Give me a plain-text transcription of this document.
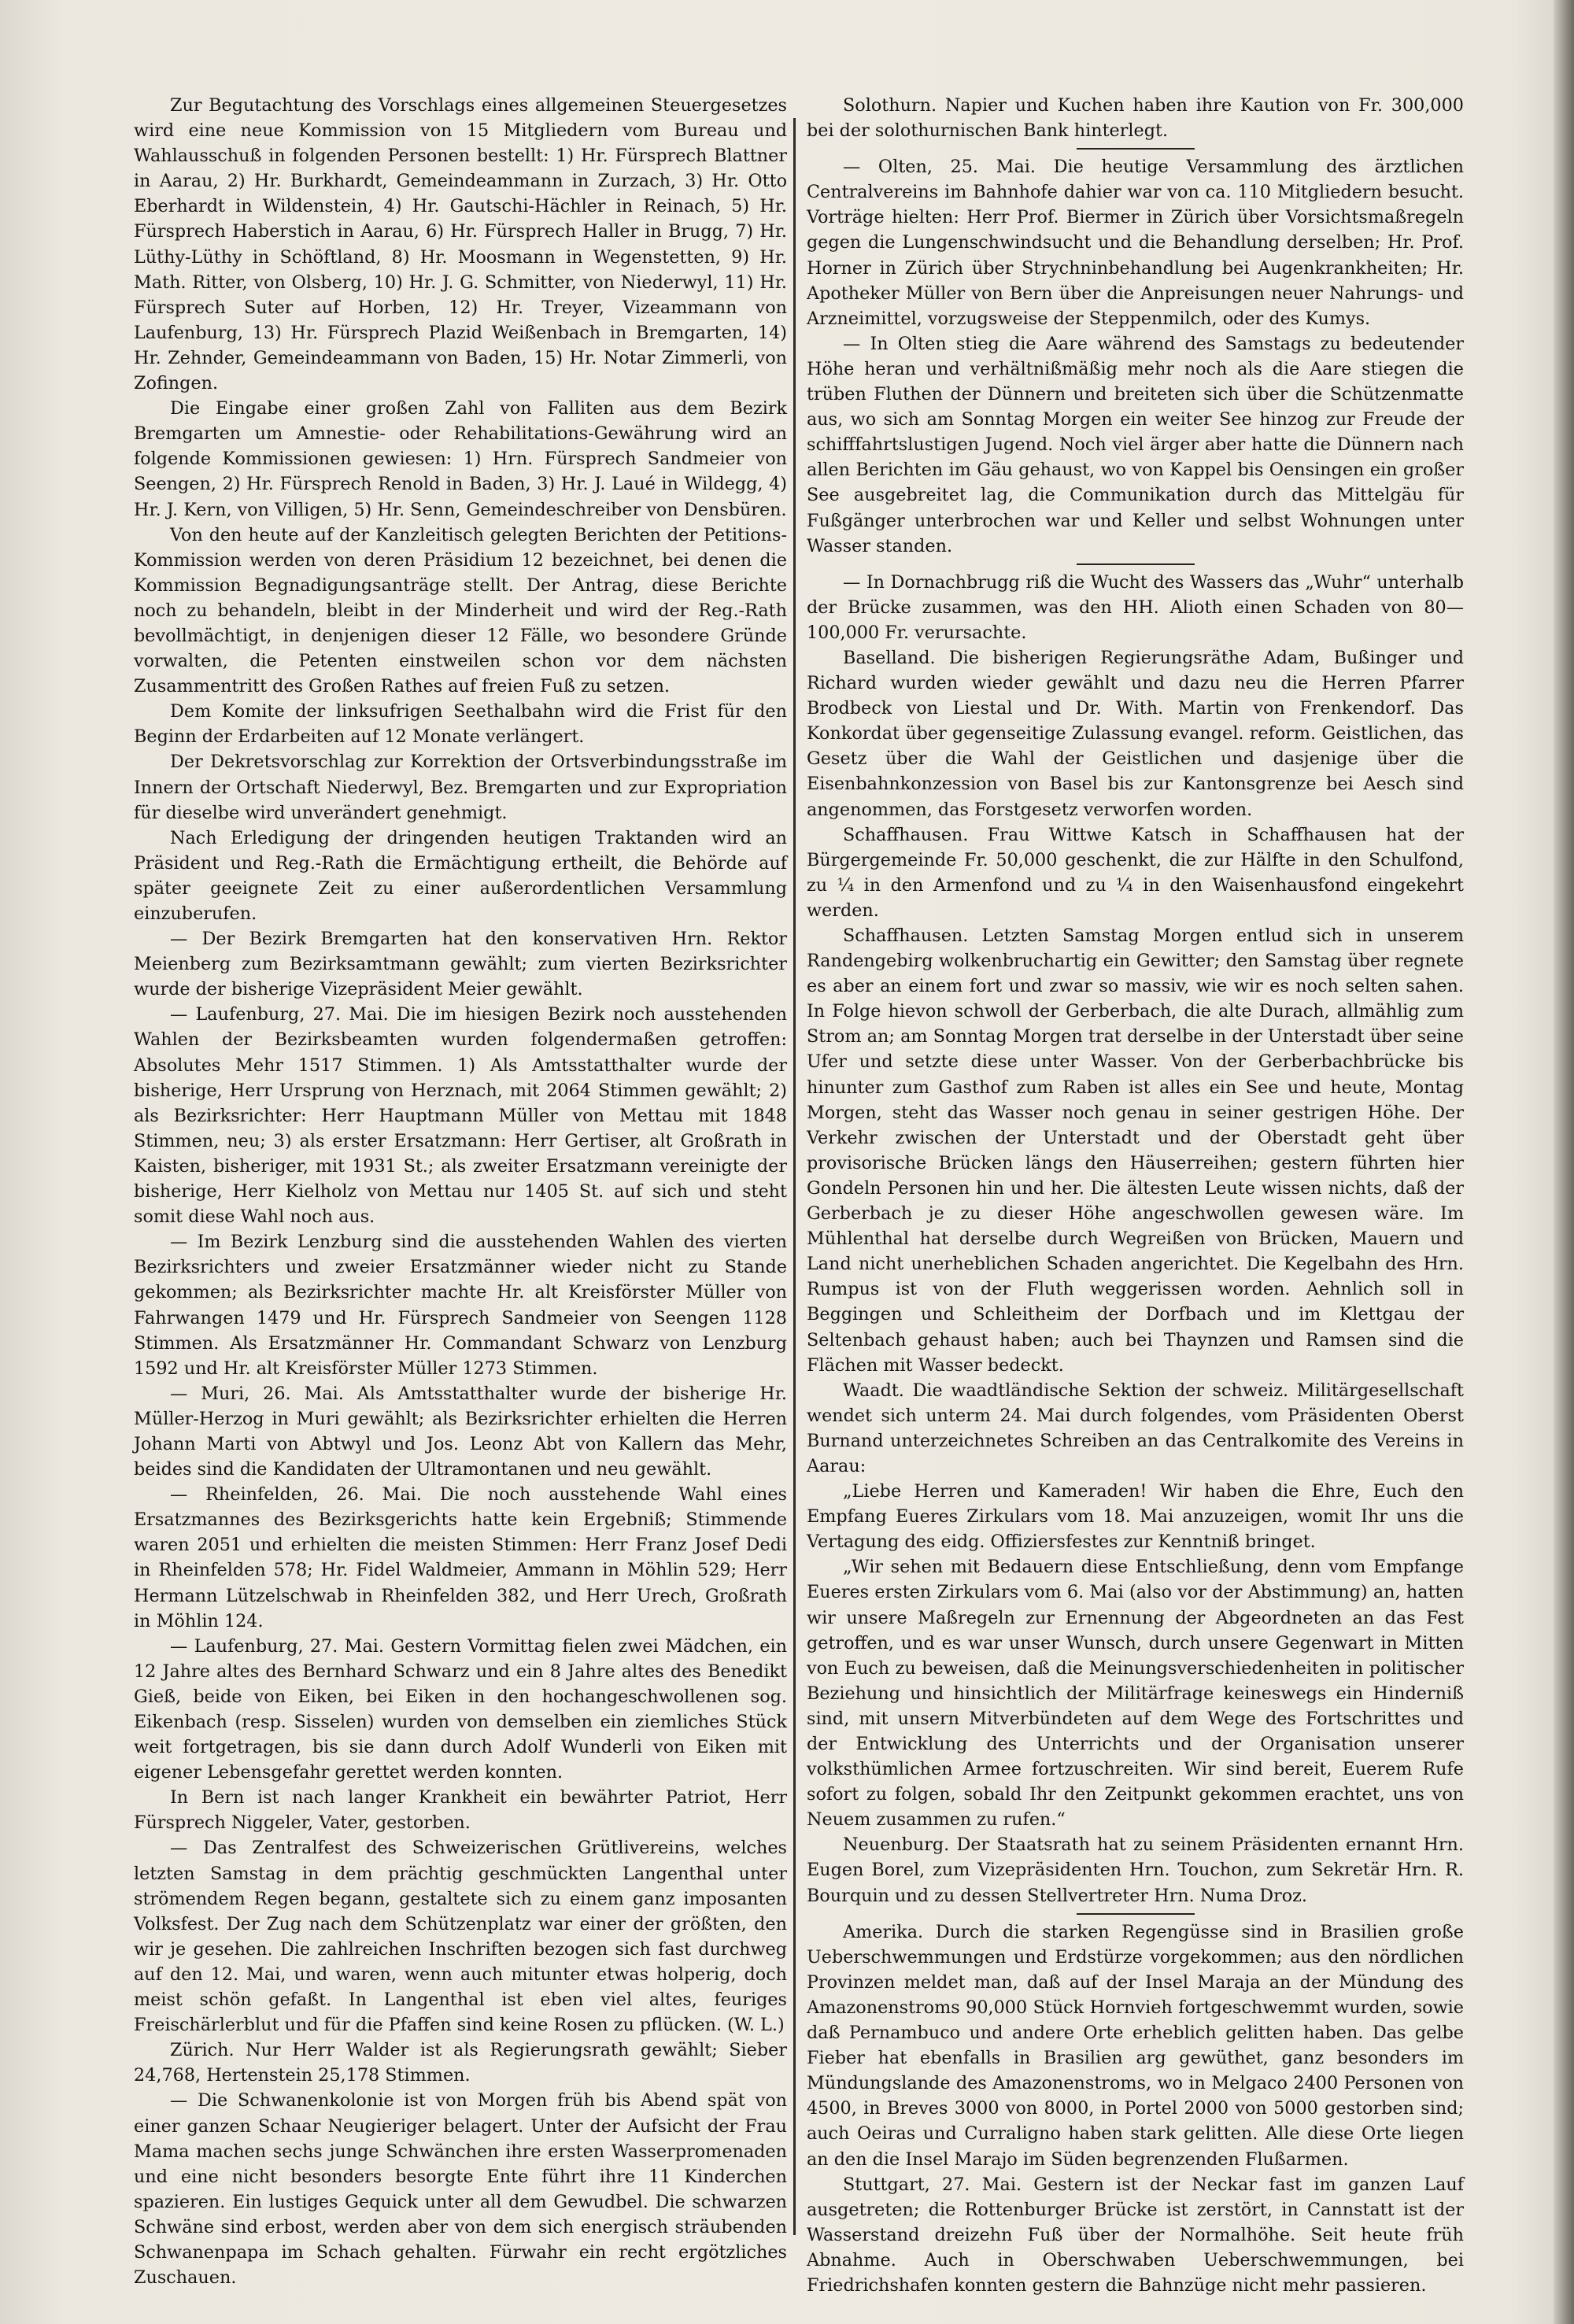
Zur Begutachtung des Vorschlags eines allgemeinen Steuergesetzes wird eine neue Kommission von 15 Mitgliedern vom Bureau und Wahlausschuß in folgenden Personen bestellt: 1) Hr. Fürsprech Blattner in Aarau, 2) Hr. Burkhardt, Gemeindeammann in Zurzach, 3) Hr. Otto Eberhardt in Wildenstein, 4) Hr. Gautschi-Hächler in Reinach, 5) Hr. Fürsprech Haberstich in Aarau, 6) Hr. Fürsprech Haller in Brugg, 7) Hr. Lüthy-Lüthy in Schöftland, 8) Hr. Moosmann in Wegenstetten, 9) Hr. Math. Ritter, von Olsberg, 10) Hr. J. G. Schmitter, von Niederwyl, 11) Hr. Fürsprech Suter auf Horben, 12) Hr. Treyer, Vizeammann von Laufenburg, 13) Hr. Fürsprech Plazid Weißenbach in Bremgarten, 14) Hr. Zehnder, Gemeindeammann von Baden, 15) Hr. Notar Zimmerli, von Zofingen.

Die Eingabe einer großen Zahl von Falliten aus dem Bezirk Bremgarten um Amnestie- oder Rehabilitations-Gewährung wird an folgende Kommissionen gewiesen: 1) Hrn. Fürsprech Sandmeier von Seengen, 2) Hr. Fürsprech Renold in Baden, 3) Hr. J. Laué in Wildegg, 4) Hr. J. Kern, von Villigen, 5) Hr. Senn, Gemeindeschreiber von Densbüren.

Von den heute auf der Kanzleitisch gelegten Berichten der Petitions-Kommission werden von deren Präsidium 12 bezeichnet, bei denen die Kommission Begnadigungsanträge stellt. Der Antrag, diese Berichte noch zu behandeln, bleibt in der Minderheit und wird der Reg.-Rath bevollmächtigt, in denjenigen dieser 12 Fälle, wo besondere Gründe vorwalten, die Petenten einstweilen schon vor dem nächsten Zusammentritt des Großen Rathes auf freien Fuß zu setzen.

Dem Komite der linksufrigen Seethalbahn wird die Frist für den Beginn der Erdarbeiten auf 12 Monate verlängert.

Der Dekretsvorschlag zur Korrektion der Ortsverbindungsstraße im Innern der Ortschaft Niederwyl, Bez. Bremgarten und zur Expropriation für dieselbe wird unverändert genehmigt.

Nach Erledigung der dringenden heutigen Traktanden wird an Präsident und Reg.-Rath die Ermächtigung ertheilt, die Behörde auf später geeignete Zeit zu einer außerordentlichen Versammlung einzuberufen.

— Der Bezirk Bremgarten hat den konservativen Hrn. Rektor Meienberg zum Bezirksamtmann gewählt; zum vierten Bezirksrichter wurde der bisherige Vizepräsident Meier gewählt.

— Laufenburg, 27. Mai. Die im hiesigen Bezirk noch ausstehenden Wahlen der Bezirksbeamten wurden folgendermaßen getroffen: Absolutes Mehr 1517 Stimmen. 1) Als Amtsstatthalter wurde der bisherige, Herr Ursprung von Herznach, mit 2064 Stimmen gewählt; 2) als Bezirksrichter: Herr Hauptmann Müller von Mettau mit 1848 Stimmen, neu; 3) als erster Ersatzmann: Herr Gertiser, alt Großrath in Kaisten, bisheriger, mit 1931 St.; als zweiter Ersatzmann vereinigte der bisherige, Herr Kielholz von Mettau nur 1405 St. auf sich und steht somit diese Wahl noch aus.

— Im Bezirk Lenzburg sind die ausstehenden Wahlen des vierten Bezirksrichters und zweier Ersatzmänner wieder nicht zu Stande gekommen; als Bezirksrichter machte Hr. alt Kreisförster Müller von Fahrwangen 1479 und Hr. Fürsprech Sandmeier von Seengen 1128 Stimmen. Als Ersatzmänner Hr. Commandant Schwarz von Lenzburg 1592 und Hr. alt Kreisförster Müller 1273 Stimmen.

— Muri, 26. Mai. Als Amtsstatthalter wurde der bisherige Hr. Müller-Herzog in Muri gewählt; als Bezirksrichter erhielten die Herren Johann Marti von Abtwyl und Jos. Leonz Abt von Kallern das Mehr, beides sind die Kandidaten der Ultramontanen und neu gewählt.

— Rheinfelden, 26. Mai. Die noch ausstehende Wahl eines Ersatzmannes des Bezirksgerichts hatte kein Ergebniß; Stimmende waren 2051 und erhielten die meisten Stimmen: Herr Franz Josef Dedi in Rheinfelden 578; Hr. Fidel Waldmeier, Ammann in Möhlin 529; Herr Hermann Lützelschwab in Rheinfelden 382, und Herr Urech, Großrath in Möhlin 124.

— Laufenburg, 27. Mai. Gestern Vormittag fielen zwei Mädchen, ein 12 Jahre altes des Bernhard Schwarz und ein 8 Jahre altes des Benedikt Gieß, beide von Eiken, bei Eiken in den hochangeschwollenen sog. Eikenbach (resp. Sisselen) wurden von demselben ein ziemliches Stück weit fortgetragen, bis sie dann durch Adolf Wunderli von Eiken mit eigener Lebensgefahr gerettet werden konnten.

In Bern ist nach langer Krankheit ein bewährter Patriot, Herr Fürsprech Niggeler, Vater, gestorben.

— Das Zentralfest des Schweizerischen Grütlivereins, welches letzten Samstag in dem prächtig geschmückten Langenthal unter strömendem Regen begann, gestaltete sich zu einem ganz imposanten Volksfest. Der Zug nach dem Schützenplatz war einer der größten, den wir je gesehen. Die zahlreichen Inschriften bezogen sich fast durchweg auf den 12. Mai, und waren, wenn auch mitunter etwas holperig, doch meist schön gefaßt. In Langenthal ist eben viel altes, feuriges Freischärlerblut und für die Pfaffen sind keine Rosen zu pflücken. (W. L.)

Zürich. Nur Herr Walder ist als Regierungsrath gewählt; Sieber 24,768, Hertenstein 25,178 Stimmen.

— Die Schwanenkolonie ist von Morgen früh bis Abend spät von einer ganzen Schaar Neugieriger belagert. Unter der Aufsicht der Frau Mama machen sechs junge Schwänchen ihre ersten Wasserpromenaden und eine nicht besonders besorgte Ente führt ihre 11 Kinderchen spazieren. Ein lustiges Gequick unter all dem Gewudbel. Die schwarzen Schwäne sind erbost, werden aber von dem sich energisch sträubenden Schwanenpapa im Schach gehalten. Fürwahr ein recht ergötzliches Zuschauen.

Solothurn. Napier und Kuchen haben ihre Kaution von Fr. 300,000 bei der solothurnischen Bank hinterlegt.

— Olten, 25. Mai. Die heutige Versammlung des ärztlichen Centralvereins im Bahnhofe dahier war von ca. 110 Mitgliedern besucht. Vorträge hielten: Herr Prof. Biermer in Zürich über Vorsichtsmaßregeln gegen die Lungenschwindsucht und die Behandlung derselben; Hr. Prof. Horner in Zürich über Strychninbehandlung bei Augenkrankheiten; Hr. Apotheker Müller von Bern über die Anpreisungen neuer Nahrungs- und Arzneimittel, vorzugsweise der Steppenmilch, oder des Kumys.

— In Olten stieg die Aare während des Samstags zu bedeutender Höhe heran und verhältnißmäßig mehr noch als die Aare stiegen die trüben Fluthen der Dünnern und breiteten sich über die Schützenmatte aus, wo sich am Sonntag Morgen ein weiter See hinzog zur Freude der schifffahrtslustigen Jugend. Noch viel ärger aber hatte die Dünnern nach allen Berichten im Gäu gehaust, wo von Kappel bis Oensingen ein großer See ausgebreitet lag, die Communikation durch das Mittelgäu für Fußgänger unterbrochen war und Keller und selbst Wohnungen unter Wasser standen.

— In Dornachbrugg riß die Wucht des Wassers das „Wuhr“ unterhalb der Brücke zusammen, was den HH. Alioth einen Schaden von 80—100,000 Fr. verursachte.

Baselland. Die bisherigen Regierungsräthe Adam, Bußinger und Richard wurden wieder gewählt und dazu neu die Herren Pfarrer Brodbeck von Liestal und Dr. With. Martin von Frenkendorf. Das Konkordat über gegenseitige Zulassung evangel. reform. Geistlichen, das Gesetz über die Wahl der Geistlichen und dasjenige über die Eisenbahnkonzession von Basel bis zur Kantonsgrenze bei Aesch sind angenommen, das Forstgesetz verworfen worden.

Schaffhausen. Frau Wittwe Katsch in Schaffhausen hat der Bürgergemeinde Fr. 50,000 geschenkt, die zur Hälfte in den Schulfond, zu ¼ in den Armenfond und zu ¼ in den Waisenhausfond eingekehrt werden.

Schaffhausen. Letzten Samstag Morgen entlud sich in unserem Randengebirg wolkenbruchartig ein Gewitter; den Samstag über regnete es aber an einem fort und zwar so massiv, wie wir es noch selten sahen. In Folge hievon schwoll der Gerberbach, die alte Durach, allmählig zum Strom an; am Sonntag Morgen trat derselbe in der Unterstadt über seine Ufer und setzte diese unter Wasser. Von der Gerberbachbrücke bis hinunter zum Gasthof zum Raben ist alles ein See und heute, Montag Morgen, steht das Wasser noch genau in seiner gestrigen Höhe. Der Verkehr zwischen der Unterstadt und der Oberstadt geht über provisorische Brücken längs den Häuserreihen; gestern führten hier Gondeln Personen hin und her. Die ältesten Leute wissen nichts, daß der Gerberbach je zu dieser Höhe angeschwollen gewesen wäre. Im Mühlenthal hat derselbe durch Wegreißen von Brücken, Mauern und Land nicht unerheblichen Schaden angerichtet. Die Kegelbahn des Hrn. Rumpus ist von der Fluth weggerissen worden. Aehnlich soll in Beggingen und Schleitheim der Dorfbach und im Klettgau der Seltenbach gehaust haben; auch bei Thaynzen und Ramsen sind die Flächen mit Wasser bedeckt.

Waadt. Die waadtländische Sektion der schweiz. Militärgesellschaft wendet sich unterm 24. Mai durch folgendes, vom Präsidenten Oberst Burnand unterzeichnetes Schreiben an das Centralkomite des Vereins in Aarau:

„Liebe Herren und Kameraden! Wir haben die Ehre, Euch den Empfang Eueres Zirkulars vom 18. Mai anzuzeigen, womit Ihr uns die Vertagung des eidg. Offiziersfestes zur Kenntniß bringet.

„Wir sehen mit Bedauern diese Entschließung, denn vom Empfange Eueres ersten Zirkulars vom 6. Mai (also vor der Abstimmung) an, hatten wir unsere Maßregeln zur Ernennung der Abgeordneten an das Fest getroffen, und es war unser Wunsch, durch unsere Gegenwart in Mitten von Euch zu beweisen, daß die Meinungsverschiedenheiten in politischer Beziehung und hinsichtlich der Militärfrage keineswegs ein Hinderniß sind, mit unsern Mitverbündeten auf dem Wege des Fortschrittes und der Entwicklung des Unterrichts und der Organisation unserer volksthümlichen Armee fortzuschreiten. Wir sind bereit, Euerem Rufe sofort zu folgen, sobald Ihr den Zeitpunkt gekommen erachtet, uns von Neuem zusammen zu rufen.“

Neuenburg. Der Staatsrath hat zu seinem Präsidenten ernannt Hrn. Eugen Borel, zum Vizepräsidenten Hrn. Touchon, zum Sekretär Hrn. R. Bourquin und zu dessen Stellvertreter Hrn. Numa Droz.

Amerika. Durch die starken Regengüsse sind in Brasilien große Ueberschwemmungen und Erdstürze vorgekommen; aus den nördlichen Provinzen meldet man, daß auf der Insel Maraja an der Mündung des Amazonenstroms 90,000 Stück Hornvieh fortgeschwemmt wurden, sowie daß Pernambuco und andere Orte erheblich gelitten haben. Das gelbe Fieber hat ebenfalls in Brasilien arg gewüthet, ganz besonders im Mündungslande des Amazonenstroms, wo in Melgaco 2400 Personen von 4500, in Breves 3000 von 8000, in Portel 2000 von 5000 gestorben sind; auch Oeiras und Curraligno haben stark gelitten. Alle diese Orte liegen an den die Insel Marajo im Süden begrenzenden Flußarmen.

Stuttgart, 27. Mai. Gestern ist der Neckar fast im ganzen Lauf ausgetreten; die Rottenburger Brücke ist zerstört, in Cannstatt ist der Wasserstand dreizehn Fuß über der Normalhöhe. Seit heute früh Abnahme. Auch in Oberschwaben Ueberschwemmungen, bei Friedrichshafen konnten gestern die Bahnzüge nicht mehr passieren.
